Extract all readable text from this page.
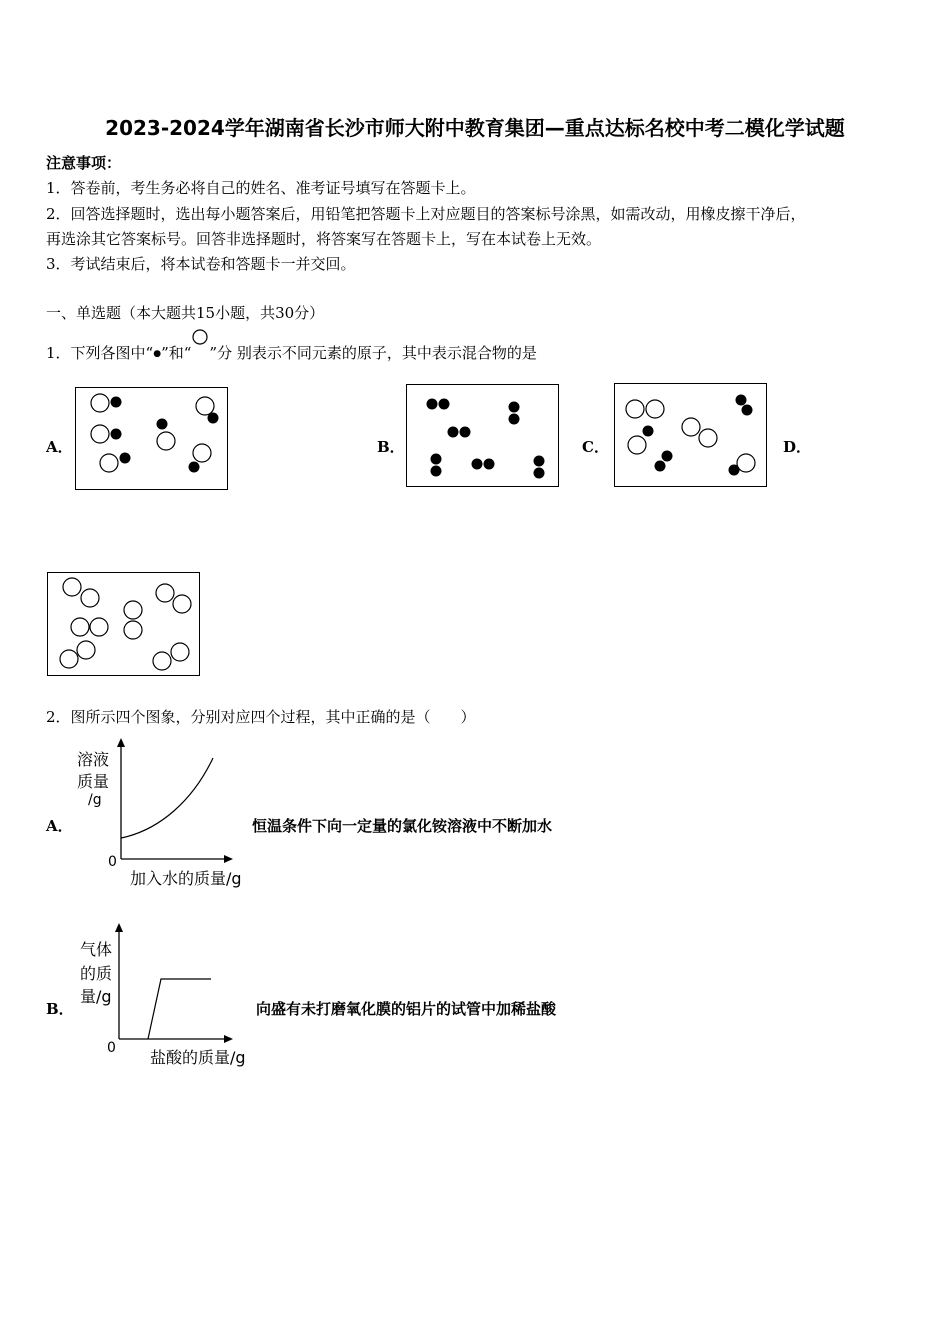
2023-2024学年湖南省长沙市师大附中教育集团—重点达标名校中考二模化学试题
注意事项：
1．答卷前，考生务必将自己的姓名、准考证号填写在答题卡上。
2．回答选择题时，选出每小题答案后，用铅笔把答题卡上对应题目的答案标号涂黑，如需改动，用橡皮擦干净后，
再选涂其它答案标号。回答非选择题时，将答案写在答题卡上，写在本试卷上无效。
3．考试结束后，将本试卷和答题卡一并交回。
一、单选题（本大题共15小题，共30分）
1．下列各图中“●”和“ ”分 别表示不同元素的原子，其中表示混合物的是
A．	B．	C．	D．
2．图所示四个图象，分别对应四个过程，其中正确的是（　　）
A．
溶液
质量
/g
0
加入水的质量/g
恒温条件下向一定量的氯化铵溶液中不断加水
B．
气体
的质
量/g
0 盐酸的质量/g
向盛有未打磨氧化膜的铝片的试管中加稀盐酸
